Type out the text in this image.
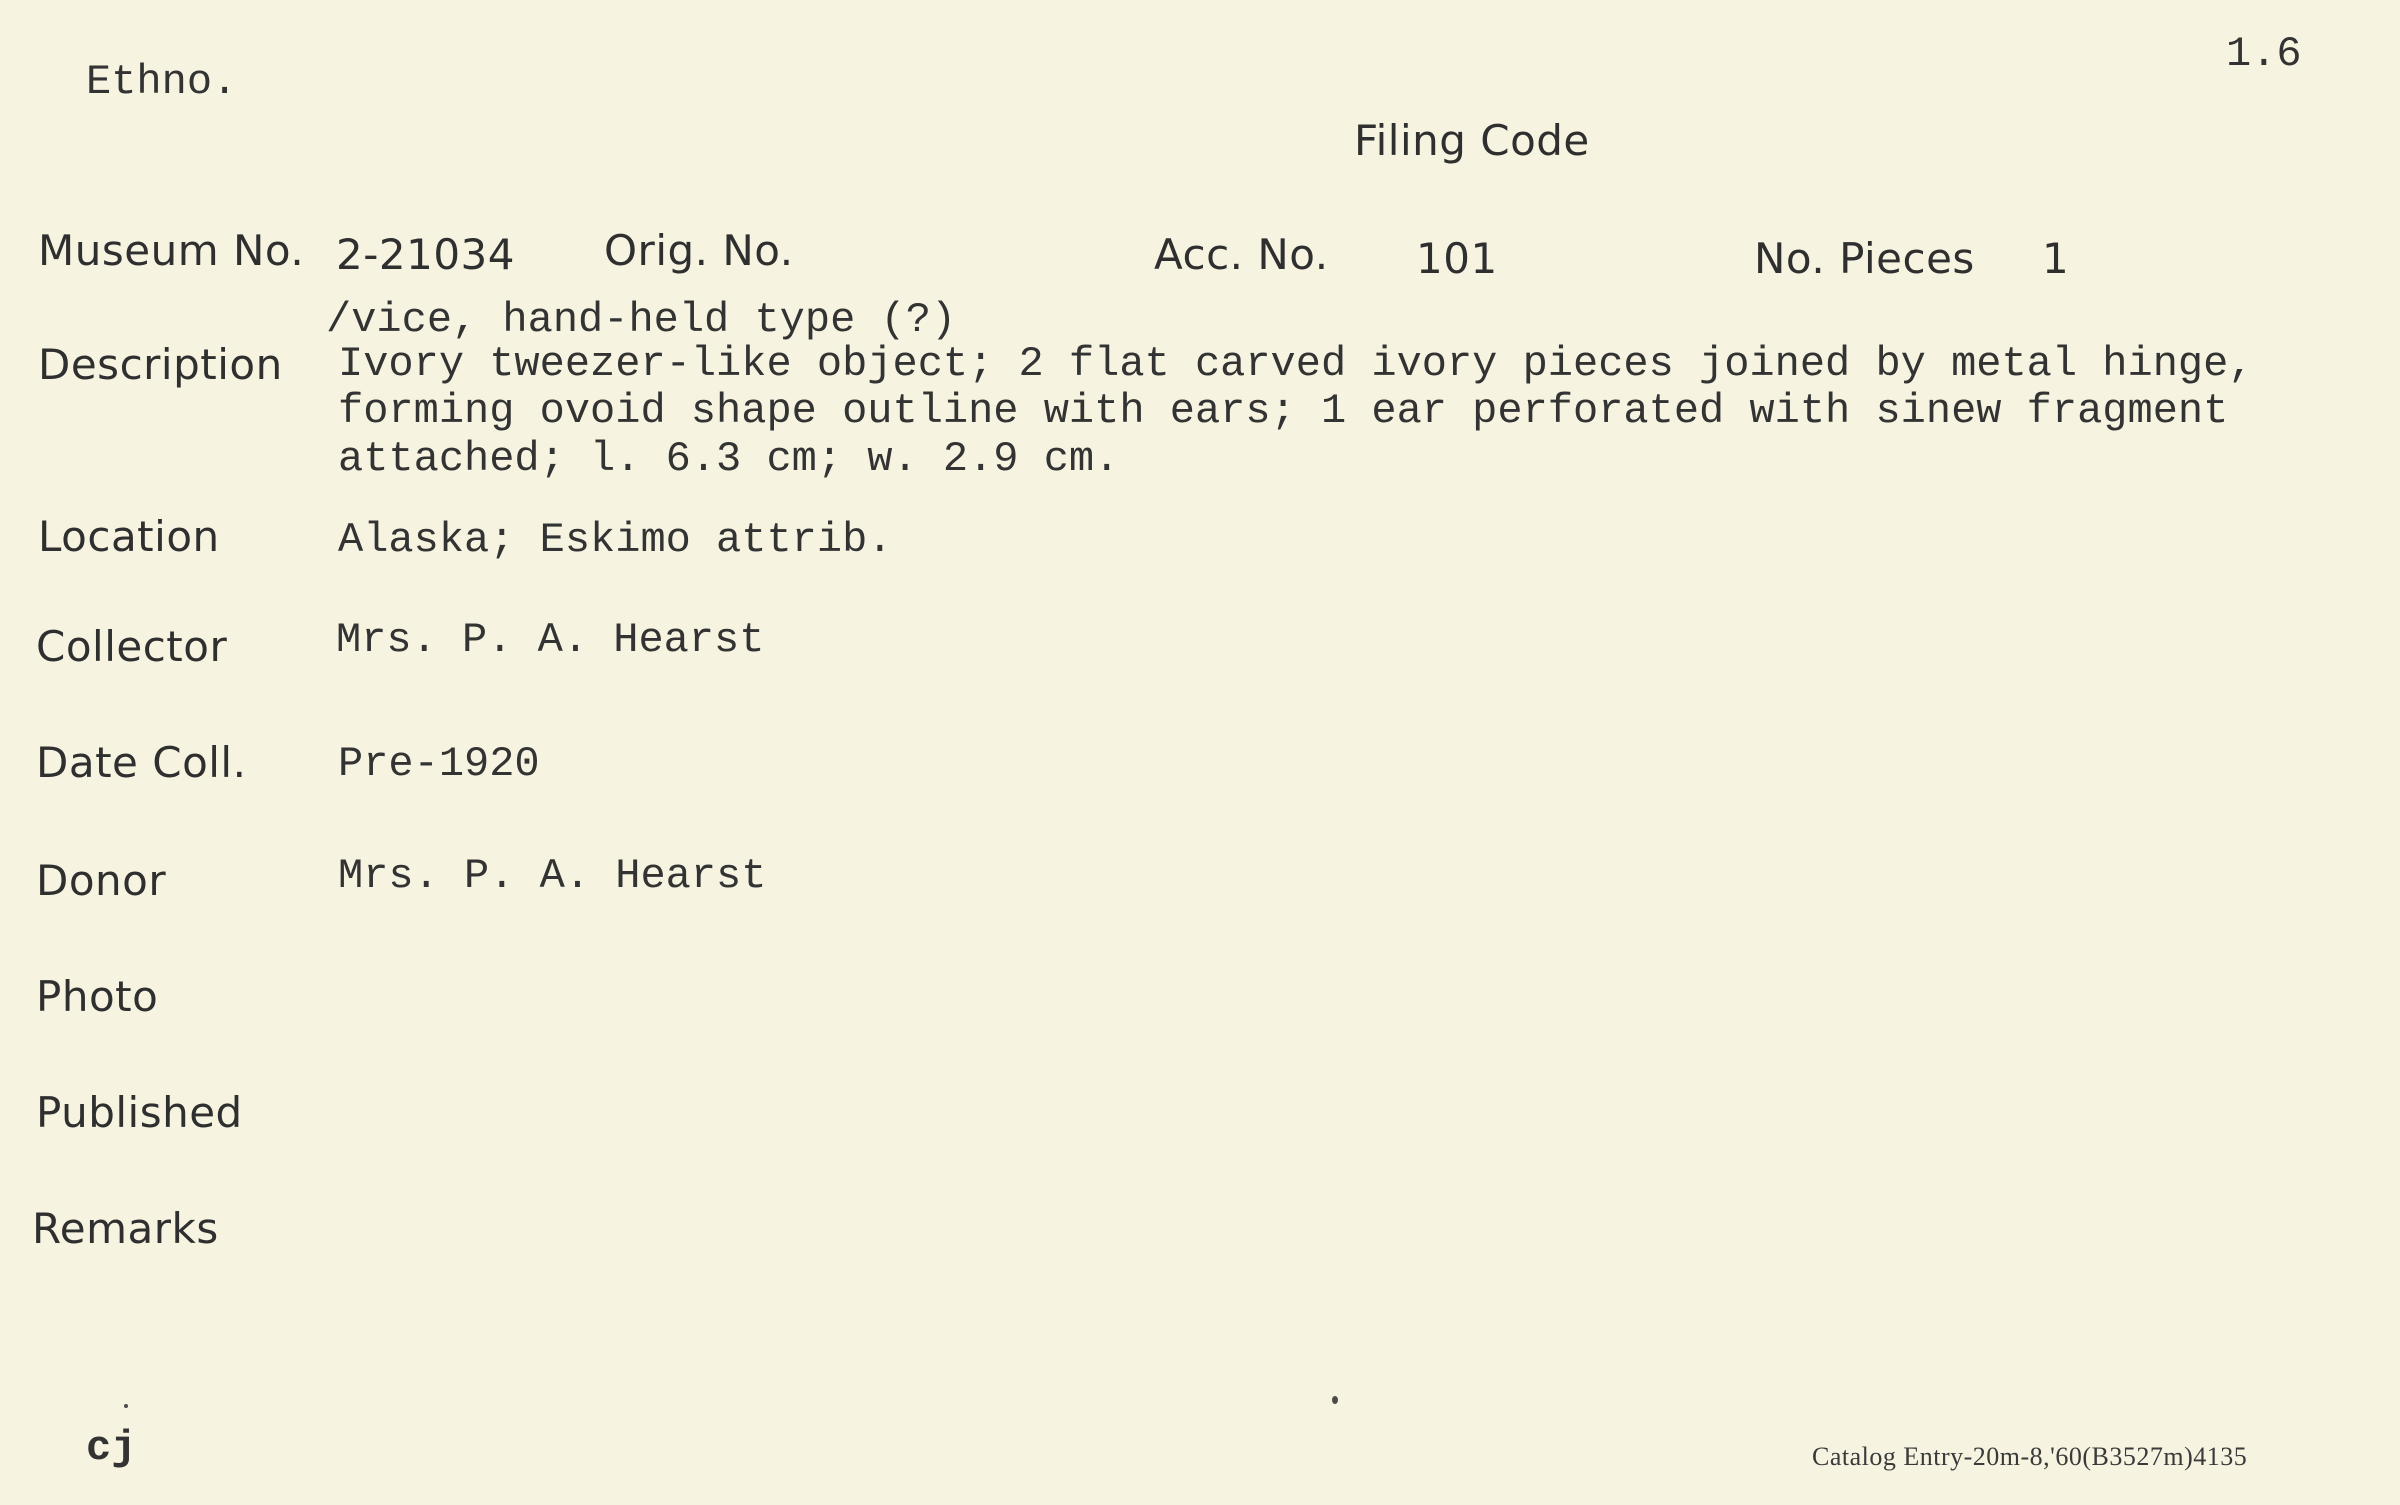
Ethno.
1.6
Filing Code
Museum No. 2-21034 Orig. No.	Acc. No. 101	No. Pieces 1
/vice, hand-held type (?)
Description Ivory tweezer-like object; 2 flat carved ivory pieces joined by metal hinge,
forming ovoid shape outline with ears; 1 ear perforated with sinew fragment
attached; l. 6.3 cm; w. 2.9 cm.
Location	Alaska; Eskimo attrib.
Collector	Mrs. P. A. Hearst
Date Coll. Pre-1920
Donor	Mrs. P. A. Hearst
Photo
Published
Remarks
cj	Catalog Entry-20m-8,'60(B3527m)4135
